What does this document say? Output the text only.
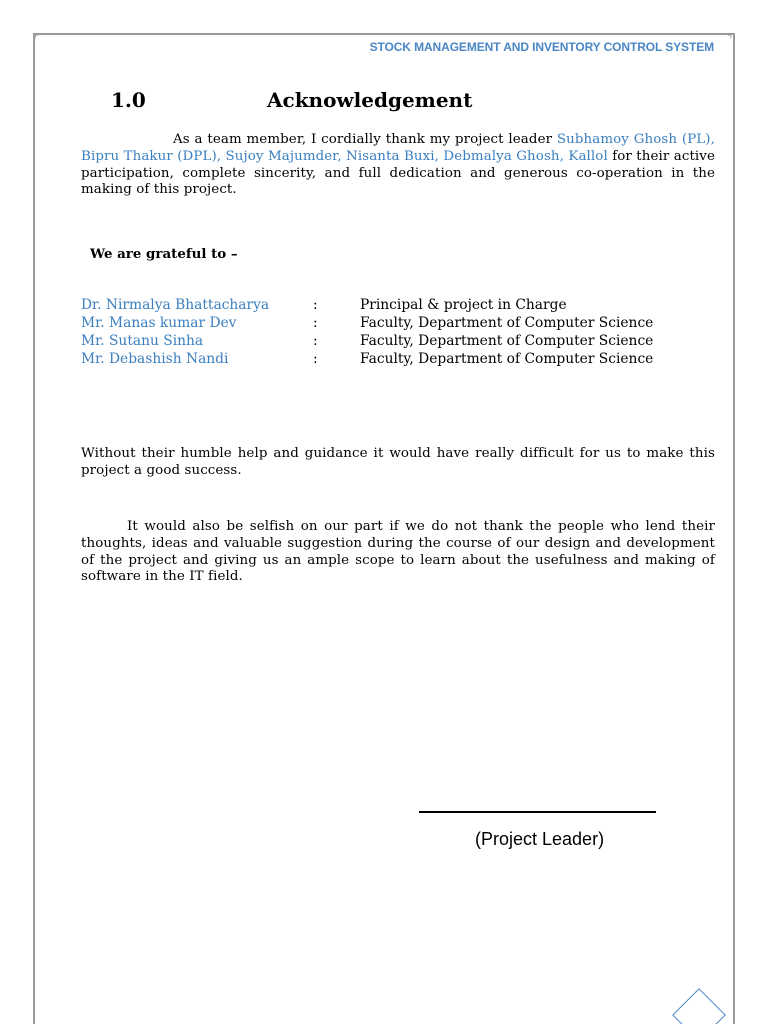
⌜	⌝
STOCK MANAGEMENT AND INVENTORY CONTROL SYSTEM
1.0	Acknowledgement
As a team member, I cordially thank my project leader Subhamoy Ghosh (PL), Bipru Thakur (DPL), Sujoy Majumder, Nisanta Buxi, Debmalya Ghosh, Kallol for their active participation, complete sincerity, and full dedication and generous co-operation in the making of this project.
We are grateful to –
Dr. Nirmalya Bhattacharya	:	Principal & project in Charge
Mr. Manas kumar Dev	:	Faculty, Department of Computer Science
Mr. Sutanu Sinha	:	Faculty, Department of Computer Science
Mr. Debashish Nandi	:	Faculty, Department of Computer Science
Without their humble help and guidance it would have really difficult for us to make this project a good success.
It would also be selfish on our part if we do not thank the people who lend their thoughts, ideas and valuable suggestion during the course of our design and development of the project and giving us an ample scope to learn about the usefulness and making of software in the IT field.
(Project Leader)
